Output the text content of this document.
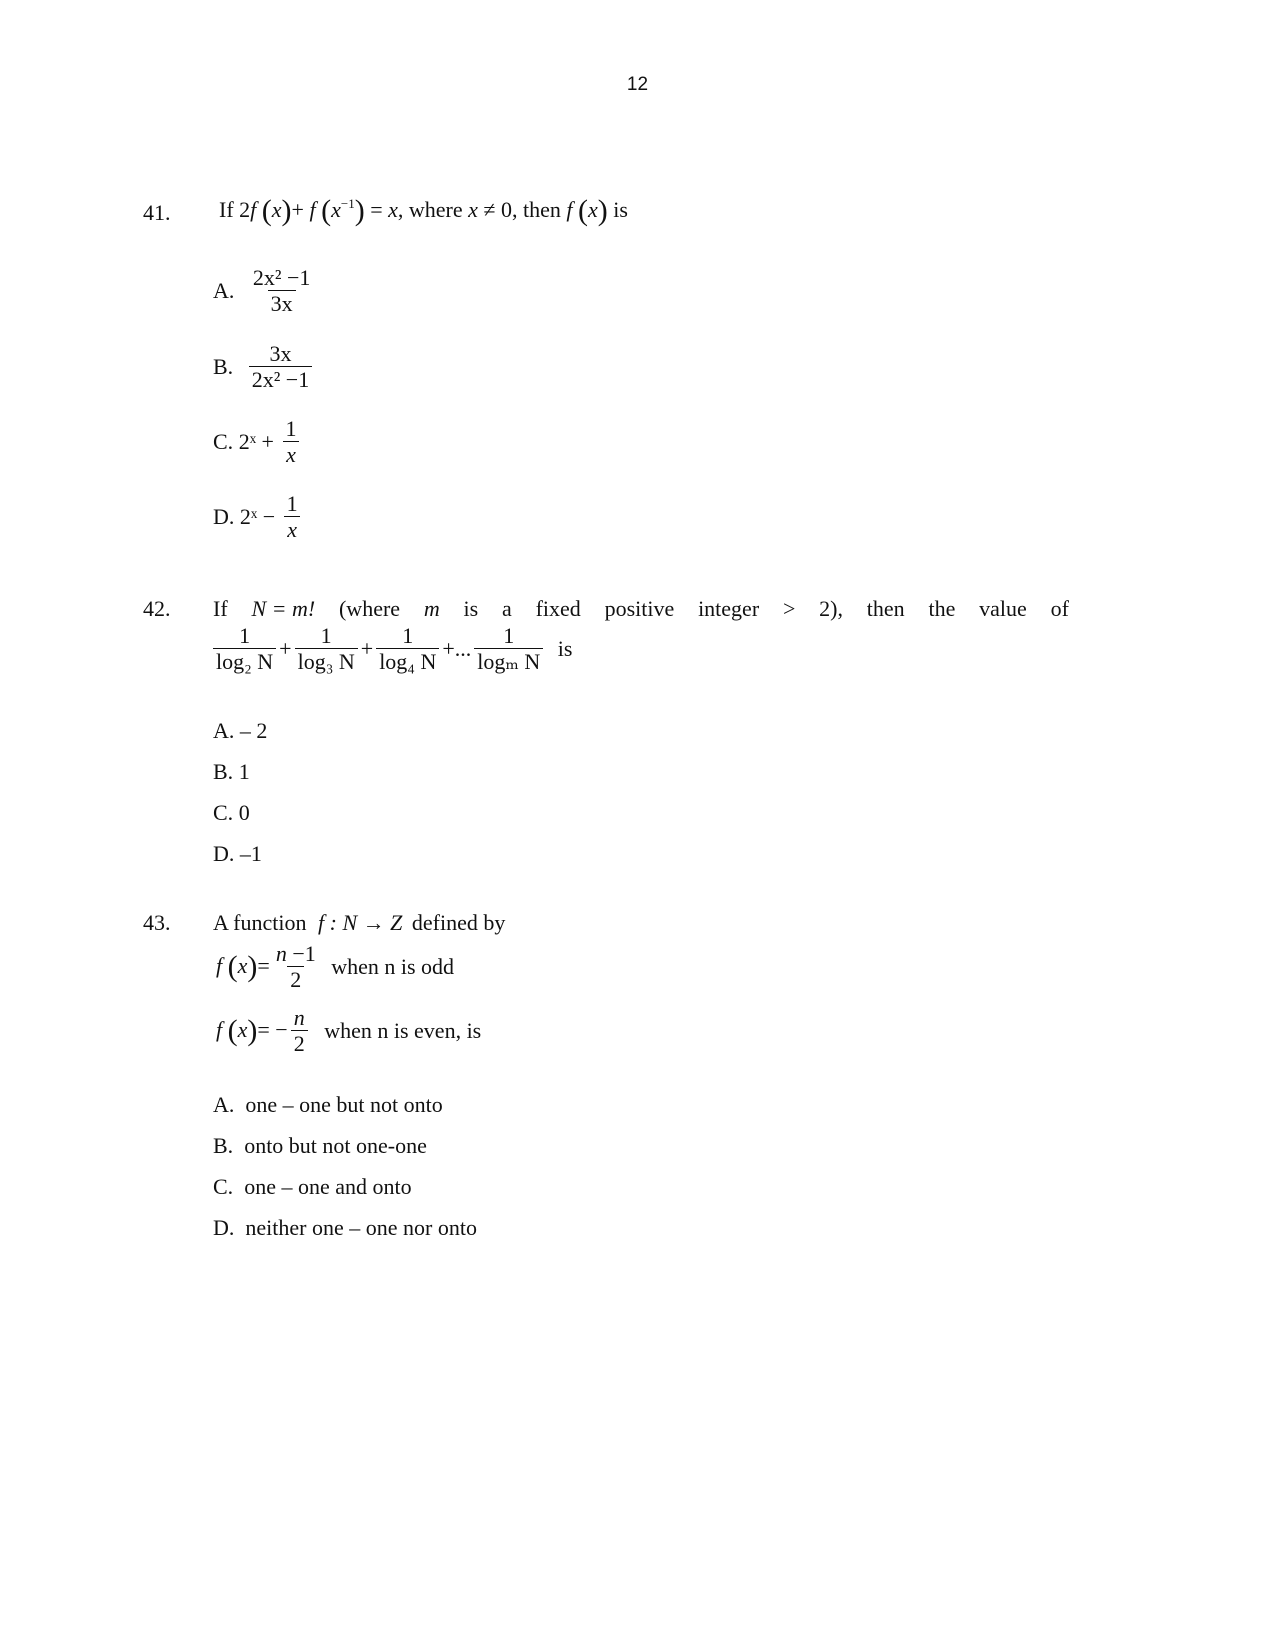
12
41. If 2f (x)+ f $(x^{-1}) = x$, where x ≠ 0, then f (x) is
A. $\frac{\text{2x² −1}}{3x}$
B. $\frac{3x}{\text{2x² −1}}$
C. 2ˣ + $\frac{1}{x}$
D. 2ˣ − $\frac{1}{x}$
42. If N = m! (where m is a fixed positive integer > 2), then the value of
$\frac{1}{\text{log₂ N}} + \frac{1}{\text{log₃ N}} + \frac{1}{\text{log₄ N}}$ +... $\frac{1}{\text{logₘ N}}$ is
A. – 2
B. 1
C. 0
D. –1
43. A function f : N → Z defined by
f $(x)= \frac{n -1}{2}$ when n is odd
f $(x)= - \frac{n}{2}$ when n is even, is
A. one – one but not onto
B. onto but not one-one
C. one – one and onto
D. neither one – one nor onto
